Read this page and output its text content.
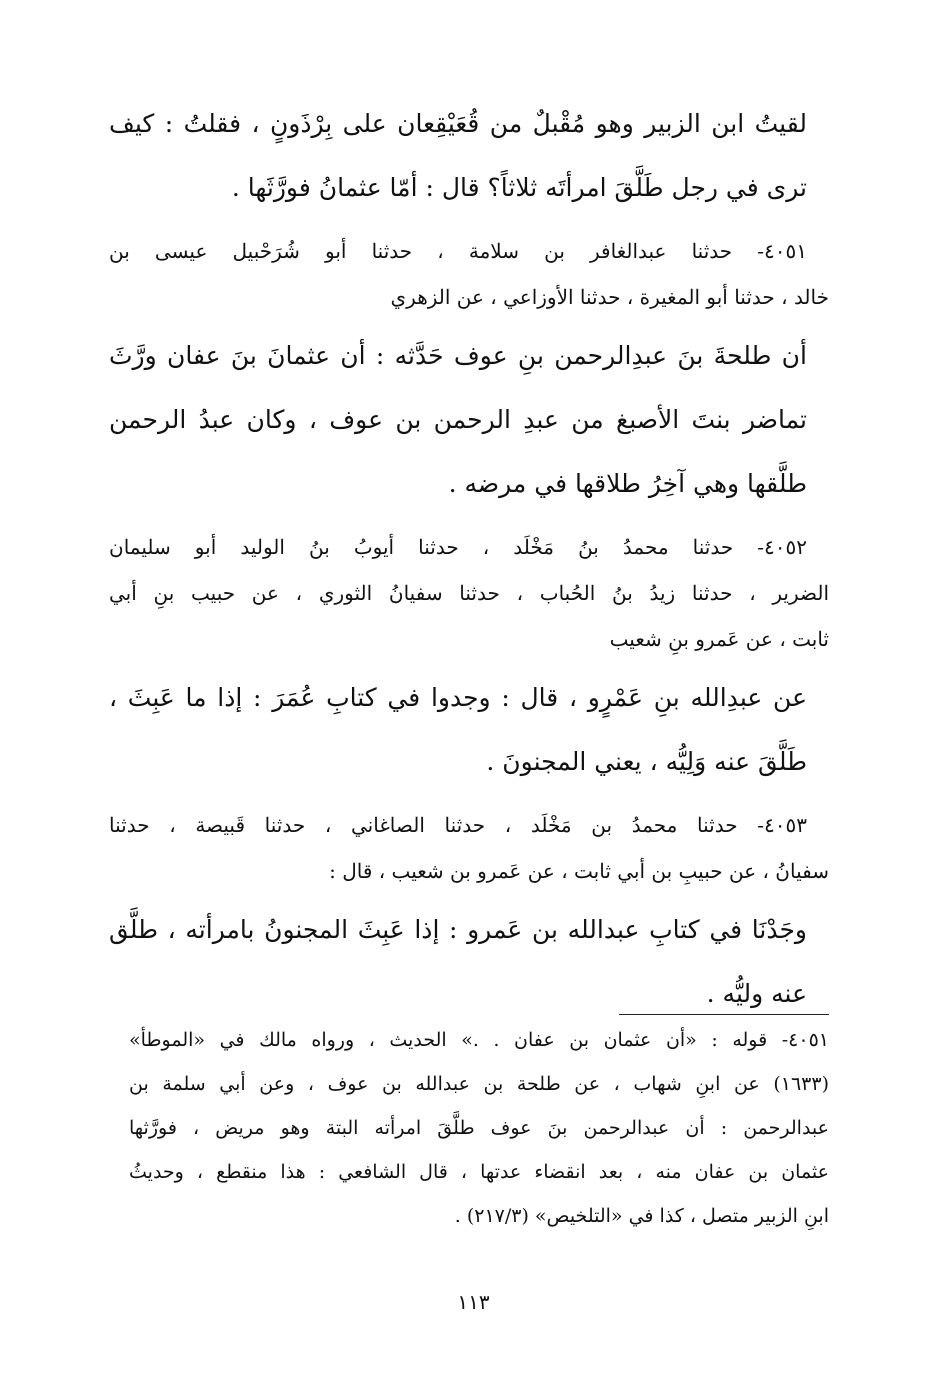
لقيتُ ابن الزبير وهو مُقْبلٌ من قُعَيْقِعان على بِرْذَونٍ ، فقلتُ : كيف
ترى في رجل طَلَّقَ امرأتَه ثلاثاً؟ قال : أمّا عثمانُ فورَّثَها .
٤٠٥١- حدثنا عبدالغافر بن سلامة ، حدثنا أبو شُرَحْبيل عيسى بن
خالد ، حدثنا أبو المغيرة ، حدثنا الأوزاعي ، عن الزهري
أن طلحةَ بنَ عبدِالرحمن بنِ عوف حَدَّثه : أن عثمانَ بنَ عفان ورَّثَ
تماضر بنتَ الأصبغ من عبدِ الرحمن بن عوف ، وكان عبدُ الرحمن
طلَّقها وهي آخِرُ طلاقها في مرضه .
٤٠٥٢- حدثنا محمدُ بنُ مَخْلَد ، حدثنا أيوبُ بنُ الوليد أبو سليمان
الضرير ، حدثنا زيدُ بنُ الحُباب ، حدثنا سفيانُ الثوري ، عن حبيب بنِ أبي
ثابت ، عن عَمرو بنِ شعيب
عن عبدِالله بنِ عَمْرٍو ، قال : وجدوا في كتابِ عُمَرَ : إذا ما عَبِثَ ،
طَلَّقَ عنه وَلِيُّه ، يعني المجنونَ .
٤٠٥٣- حدثنا محمدُ بن مَخْلَد ، حدثنا الصاغاني ، حدثنا قَبيصة ، حدثنا
سفيانُ ، عن حبيبِ بن أبي ثابت ، عن عَمرو بن شعيب ، قال :
وجَدْنَا في كتابِ عبدالله بن عَمرو : إذا عَبِثَ المجنونُ بامرأته ، طلَّق
عنه وليُّه .
٤٠٥١- قوله : «أن عثمان بن عفان . .» الحديث ، ورواه مالك في «الموطأ»
(١٦٣٣) عن ابنِ شهاب ، عن طلحة بن عبدالله بن عوف ، وعن أبي سلمة بن
عبدالرحمن : أن عبدالرحمن بنَ عوف طلَّقَ امرأته البتة وهو مريض ، فورَّثها
عثمان بن عفان منه ، بعد انقضاء عدتها ، قال الشافعي : هذا منقطع ، وحديثُ
ابنِ الزبير متصل ، كذا في «التلخيص» (٢١٧/٣) .
١١٣
